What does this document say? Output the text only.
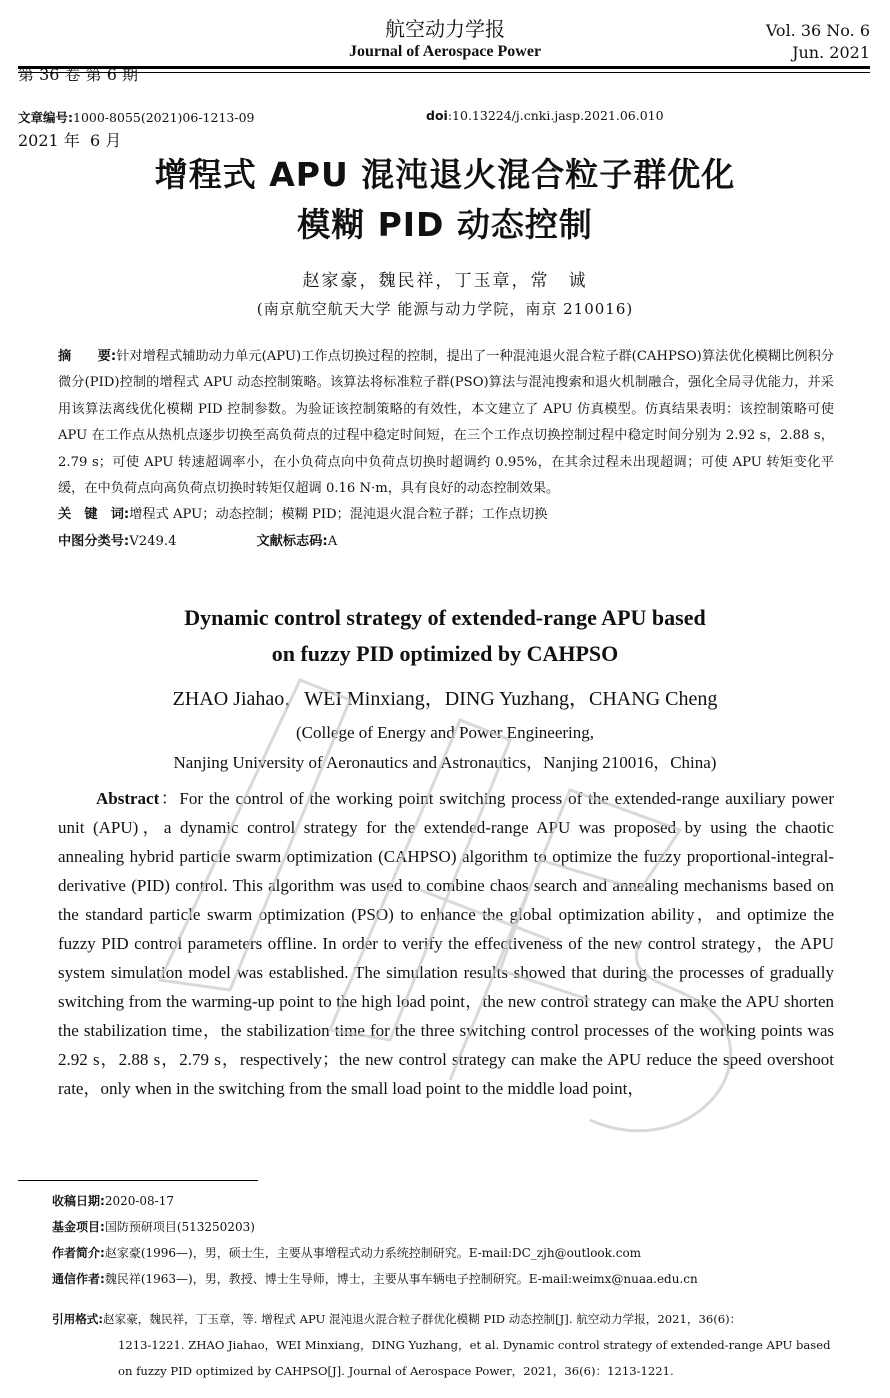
第 36 卷 第 6 期

2021 年  6 月

航空动力学报
Journal of Aerospace Power
Vol. 36 No. 6
Jun. 2021
文章编号:1000-8055(2021)06-1213-09	doi:10.13224/j.cnki.jasp.2021.06.010
增程式 APU 混沌退火混合粒子群优化
模糊 PID 动态控制
赵家豪，魏民祥，丁玉章，常　诚
(南京航空航天大学 能源与动力学院，南京 210016)
摘　　要:针对增程式辅助动力单元(APU)工作点切换过程的控制，提出了一种混沌退火混合粒子群(CAHPSO)算法优化模糊比例积分微分(PID)控制的增程式 APU 动态控制策略。该算法将标准粒子群(PSO)算法与混沌搜索和退火机制融合，强化全局寻优能力，并采用该算法离线优化模糊 PID 控制参数。为验证该控制策略的有效性，本文建立了 APU 仿真模型。仿真结果表明：该控制策略可使 APU 在工作点从热机点逐步切换至高负荷点的过程中稳定时间短，在三个工作点切换控制过程中稳定时间分别为 2.92 s，2.88 s，2.79 s；可使 APU 转速超调率小，在小负荷点向中负荷点切换时超调约 0.95%，在其余过程未出现超调；可使 APU 转矩变化平缓，在中负荷点向高负荷点切换时转矩仅超调 0.16 N·m，具有良好的动态控制效果。
关　键　词:增程式 APU；动态控制；模糊 PID；混沌退火混合粒子群；工作点切换
中图分类号:V249.4	文献标志码:A
Dynamic control strategy of extended-range APU based
on fuzzy PID optimized by CAHPSO
ZHAO Jiahao，WEI Minxiang，DING Yuzhang，CHANG Cheng
(College of Energy and Power Engineering,
Nanjing University of Aeronautics and Astronautics，Nanjing 210016，China)
Abstract：For the control of the working point switching process of the extended-range auxiliary power unit (APU)，a dynamic control strategy for the extended-range APU was proposed by using the chaotic annealing hybrid particle swarm optimization (CAHPSO) algorithm to optimize the fuzzy proportional-integral-derivative (PID) control. This algorithm was used to combine chaos search and annealing mechanisms based on the standard particle swarm optimization (PSO) to enhance the global optimization ability，and optimize the fuzzy PID control parameters offline. In order to verify the effectiveness of the new control strategy，the APU system simulation model was established. The simulation results showed that during the processes of gradually switching from the warming-up point to the high load point，the new control strategy can make the APU shorten the stabilization time，the stabilization time for the three switching control processes of the working points was 2.92 s，2.88 s，2.79 s，respectively；the new control strategy can make the APU reduce the speed overshoot rate，only when in the switching from the small load point to the middle load point，
收稿日期:2020-08-17
基金项目:国防预研项目(513250203)
作者简介:赵家豪(1996—)，男，硕士生，主要从事增程式动力系统控制研究。E-mail:DC_zjh@outlook.com
通信作者:魏民祥(1963—)，男，教授、博士生导师，博士，主要从事车辆电子控制研究。E-mail:weimx@nuaa.edu.cn
引用格式:赵家豪，魏民祥，丁玉章，等. 增程式 APU 混沌退火混合粒子群优化模糊 PID 动态控制[J]. 航空动力学报，2021，36(6)：
1213-1221. ZHAO Jiahao，WEI Minxiang，DING Yuzhang，et al. Dynamic control strategy of extended-range APU based
on fuzzy PID optimized by CAHPSO[J]. Journal of Aerospace Power，2021，36(6)：1213-1221.
